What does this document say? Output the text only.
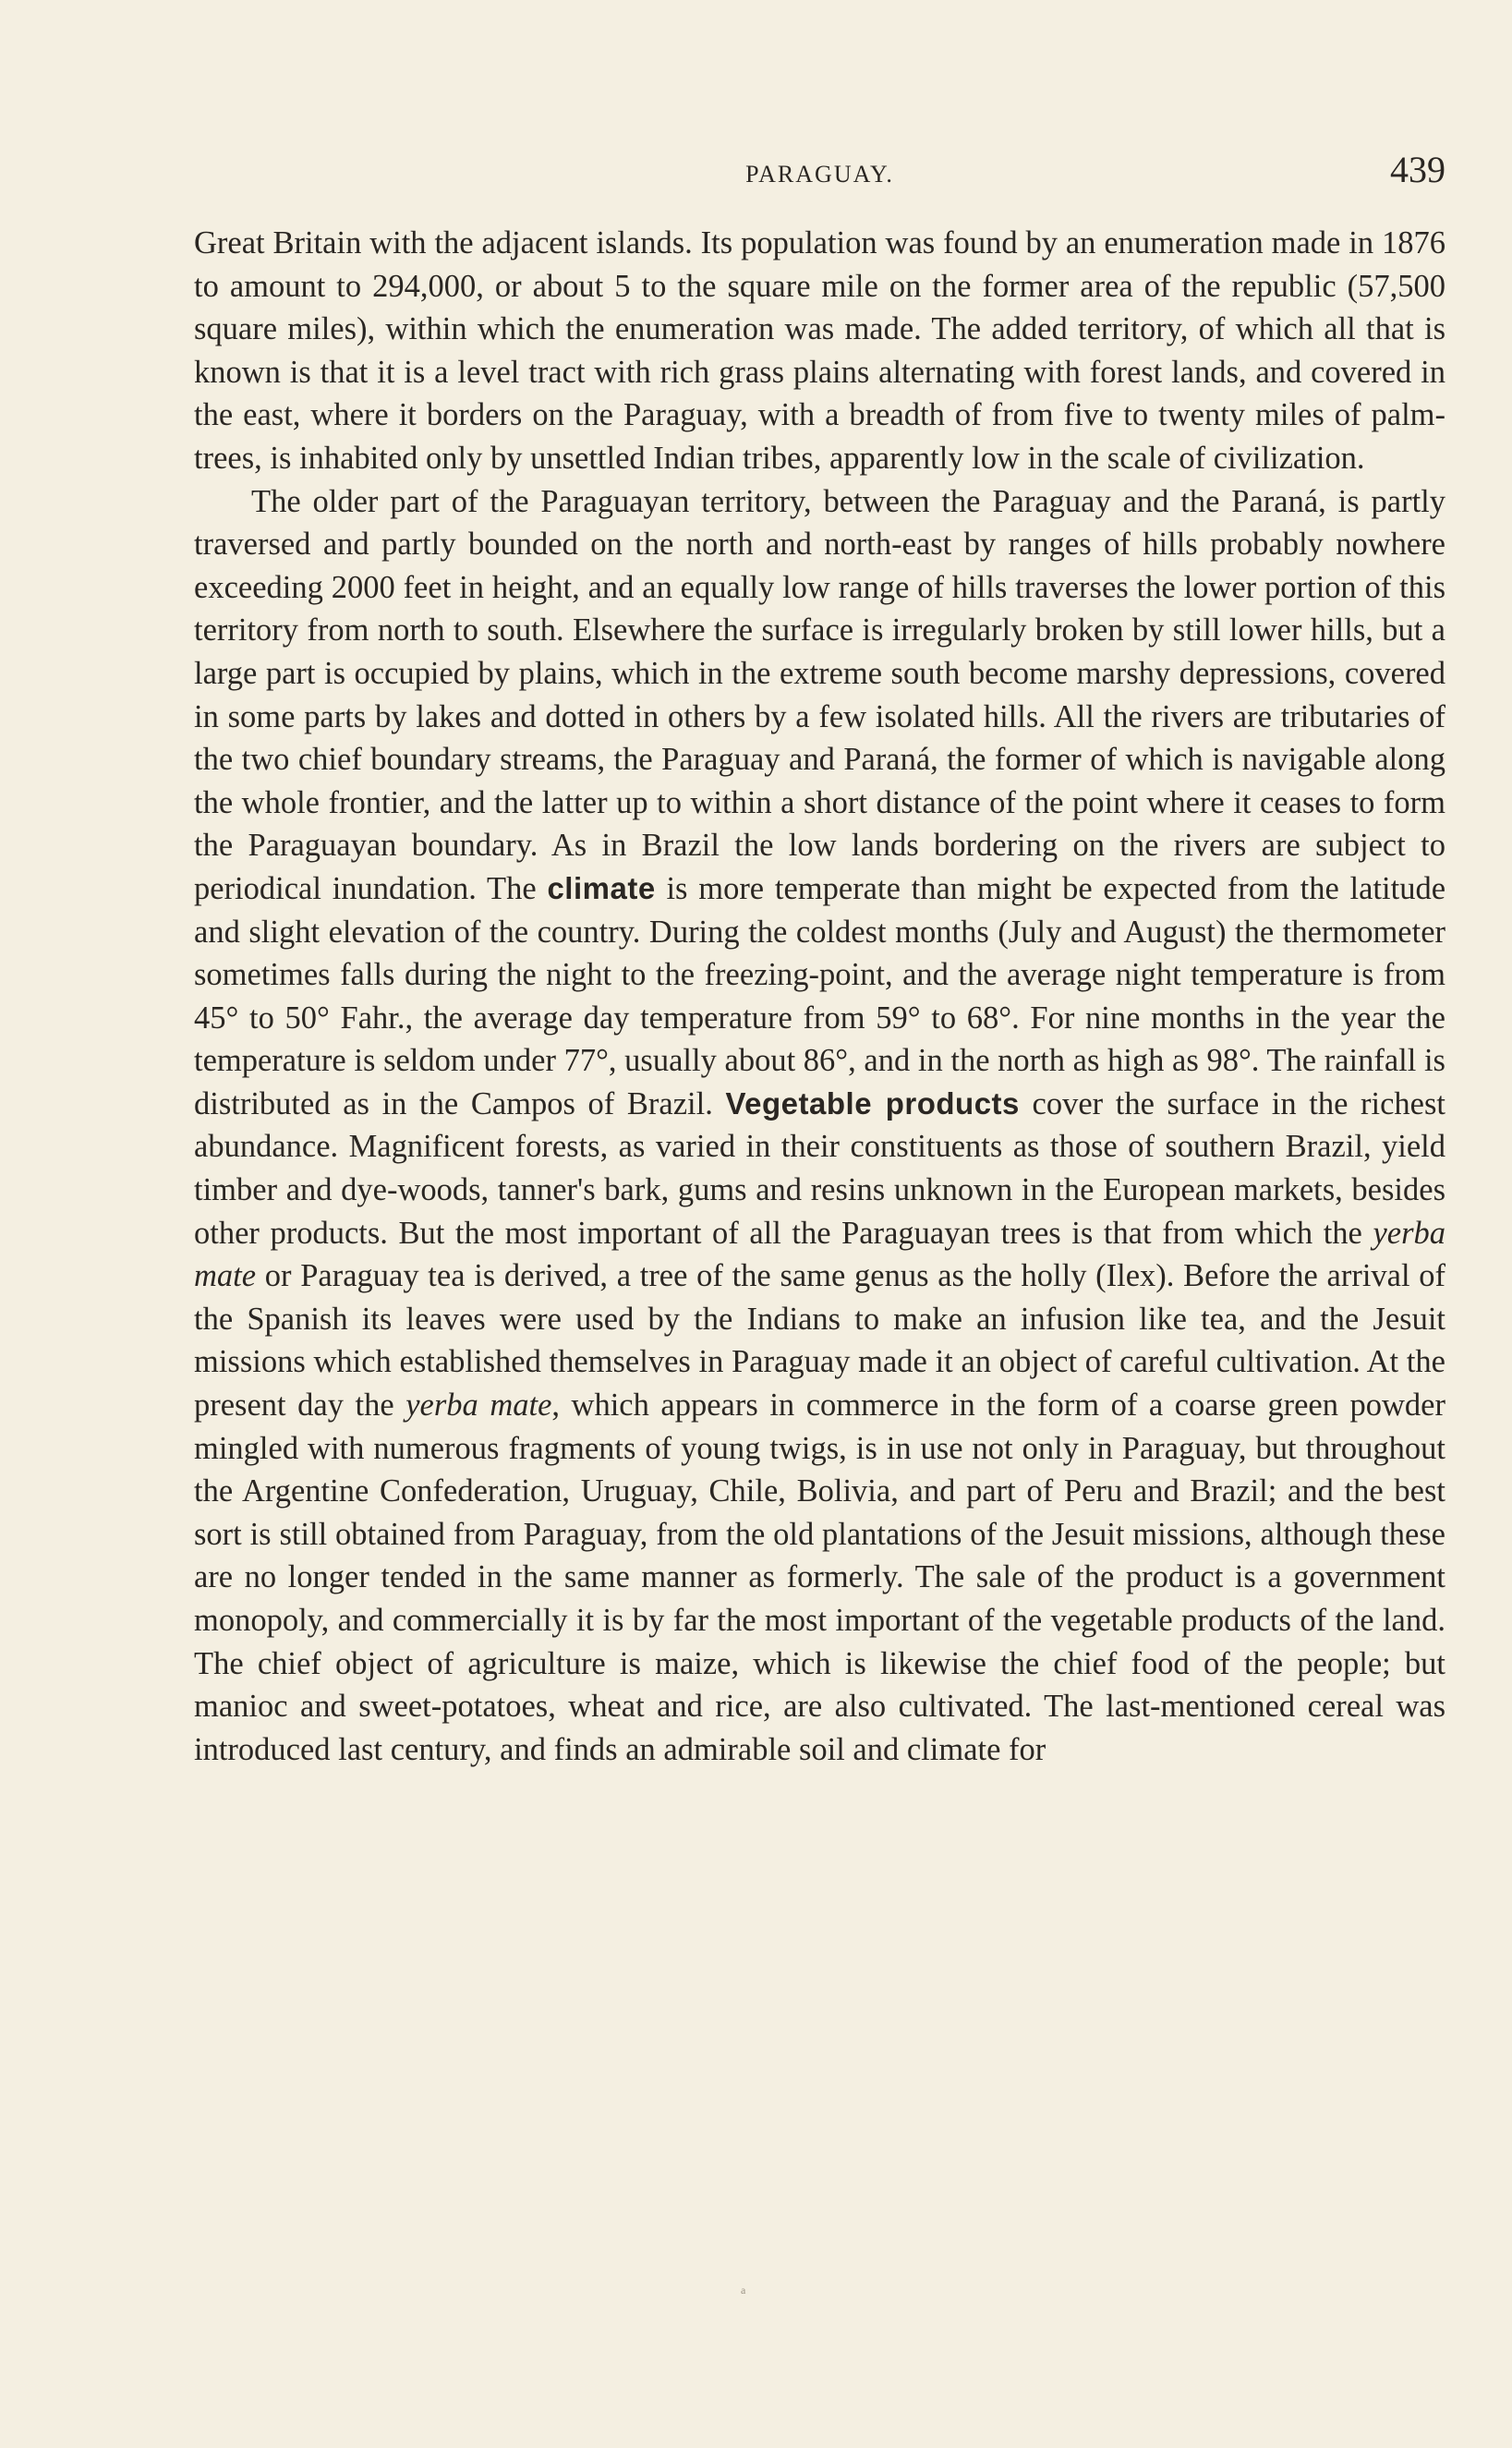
PARAGUAY.	439

Great Britain with the adjacent islands. Its population was found by an enumeration made in 1876 to amount to 294,000, or about 5 to the square mile on the former area of the republic (57,500 square miles), within which the enumeration was made. The added territory, of which all that is known is that it is a level tract with rich grass plains alternating with forest lands, and covered in the east, where it borders on the Paraguay, with a breadth of from five to twenty miles of palm-trees, is inhabited only by unsettled Indian tribes, apparently low in the scale of civilization.

The older part of the Paraguayan territory, between the Paraguay and the Paraná, is partly traversed and partly bounded on the north and north-east by ranges of hills probably nowhere exceeding 2000 feet in height, and an equally low range of hills traverses the lower portion of this territory from north to south. Elsewhere the surface is irregularly broken by still lower hills, but a large part is occupied by plains, which in the extreme south become marshy depressions, covered in some parts by lakes and dotted in others by a few isolated hills. All the rivers are tributaries of the two chief boundary streams, the Paraguay and Paraná, the former of which is navigable along the whole frontier, and the latter up to within a short distance of the point where it ceases to form the Paraguayan boundary. As in Brazil the low lands bordering on the rivers are subject to periodical inundation. The climate is more temperate than might be expected from the latitude and slight elevation of the country. During the coldest months (July and August) the thermometer sometimes falls during the night to the freezing-point, and the average night temperature is from 45° to 50° Fahr., the average day temperature from 59° to 68°. For nine months in the year the temperature is seldom under 77°, usually about 86°, and in the north as high as 98°. The rainfall is distributed as in the Campos of Brazil. Vegetable products cover the surface in the richest abundance. Magnificent forests, as varied in their constituents as those of southern Brazil, yield timber and dye-woods, tanner's bark, gums and resins unknown in the European markets, besides other products. But the most important of all the Paraguayan trees is that from which the yerba mate or Paraguay tea is derived, a tree of the same genus as the holly (Ilex). Before the arrival of the Spanish its leaves were used by the Indians to make an infusion like tea, and the Jesuit missions which established themselves in Paraguay made it an object of careful cultivation. At the present day the yerba mate, which appears in commerce in the form of a coarse green powder mingled with numerous fragments of young twigs, is in use not only in Paraguay, but throughout the Argentine Confederation, Uruguay, Chile, Bolivia, and part of Peru and Brazil; and the best sort is still obtained from Paraguay, from the old plantations of the Jesuit missions, although these are no longer tended in the same manner as formerly. The sale of the product is a government monopoly, and commercially it is by far the most important of the vegetable products of the land. The chief object of agriculture is maize, which is likewise the chief food of the people; but manioc and sweet-potatoes, wheat and rice, are also cultivated. The last-mentioned cereal was introduced last century, and finds an admirable soil and climate for

a
